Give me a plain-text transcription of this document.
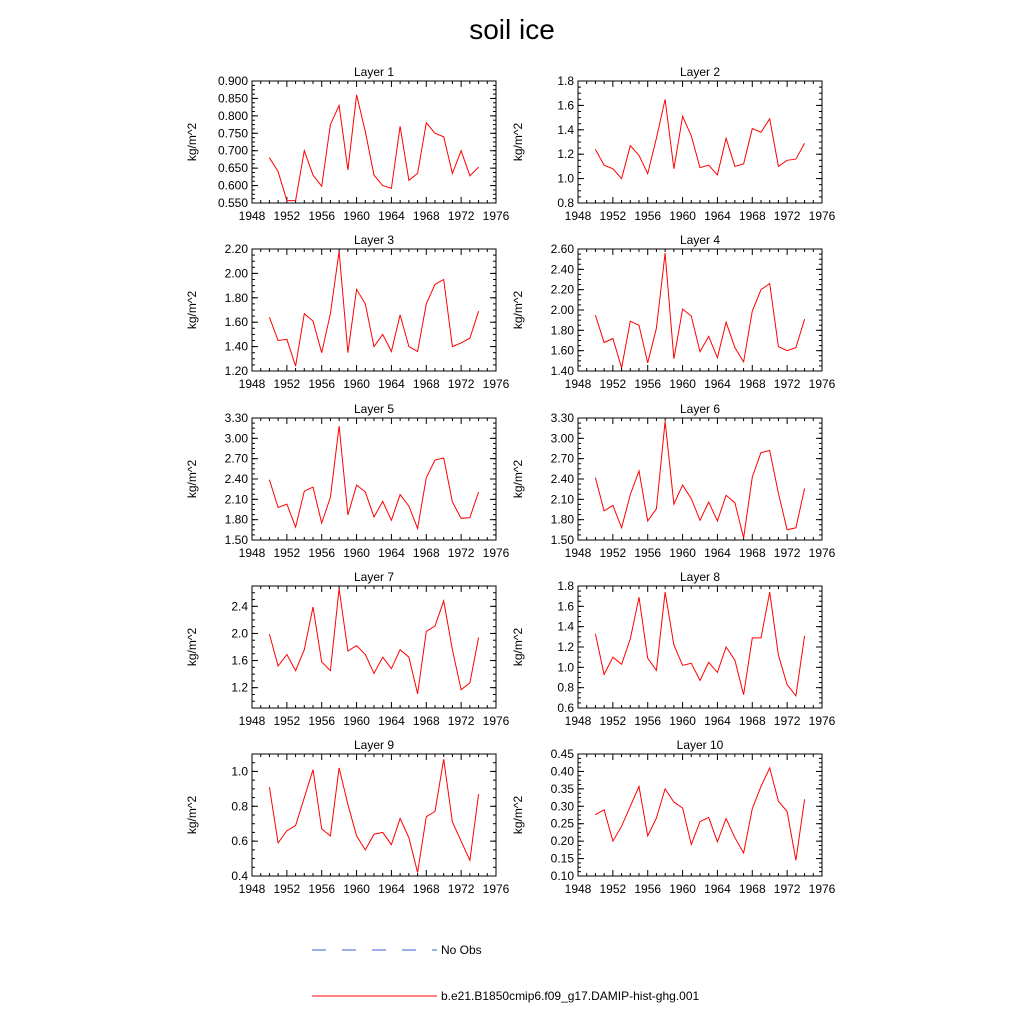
soil ice
Layer 1
1948 1952 1956 1960 1964 1968 1972 1976
0.550
0.600
0.650
0.700
0.750
0.800
0.850
0.900
kg/m^2
Layer 2
1948 1952 1956 1960 1964 1968 1972 1976
0.8
1.0
1.2
1.4
1.6
1.8
kg/m^2
Layer 3
1948 1952 1956 1960 1964 1968 1972 1976
1.20
1.40
1.60
1.80
2.00
2.20
kg/m^2
Layer 4
1948 1952 1956 1960 1964 1968 1972 1976
1.40
1.60
1.80
2.00
2.20
2.40
2.60
kg/m^2
Layer 5
1948 1952 1956 1960 1964 1968 1972 1976
1.50
1.80
2.10
2.40
2.70
3.00
3.30
kg/m^2
Layer 6
1948 1952 1956 1960 1964 1968 1972 1976
1.50
1.80
2.10
2.40
2.70
3.00
3.30
kg/m^2
Layer 7
1948 1952 1956 1960 1964 1968 1972 1976
1.2
1.6
2.0
2.4
kg/m^2
Layer 8
1948 1952 1956 1960 1964 1968 1972 1976
0.6
0.8
1.0
1.2
1.4
1.6
1.8
kg/m^2
Layer 9
1948 1952 1956 1960 1964 1968 1972 1976
0.4
0.6
0.8
1.0
kg/m^2
Layer 10
1948 1952 1956 1960 1964 1968 1972 1976
0.10
0.15
0.20
0.25
0.30
0.35
0.40
0.45
kg/m^2
No Obs
b.e21.B1850cmip6.f09_g17.DAMIP-hist-ghg.001
